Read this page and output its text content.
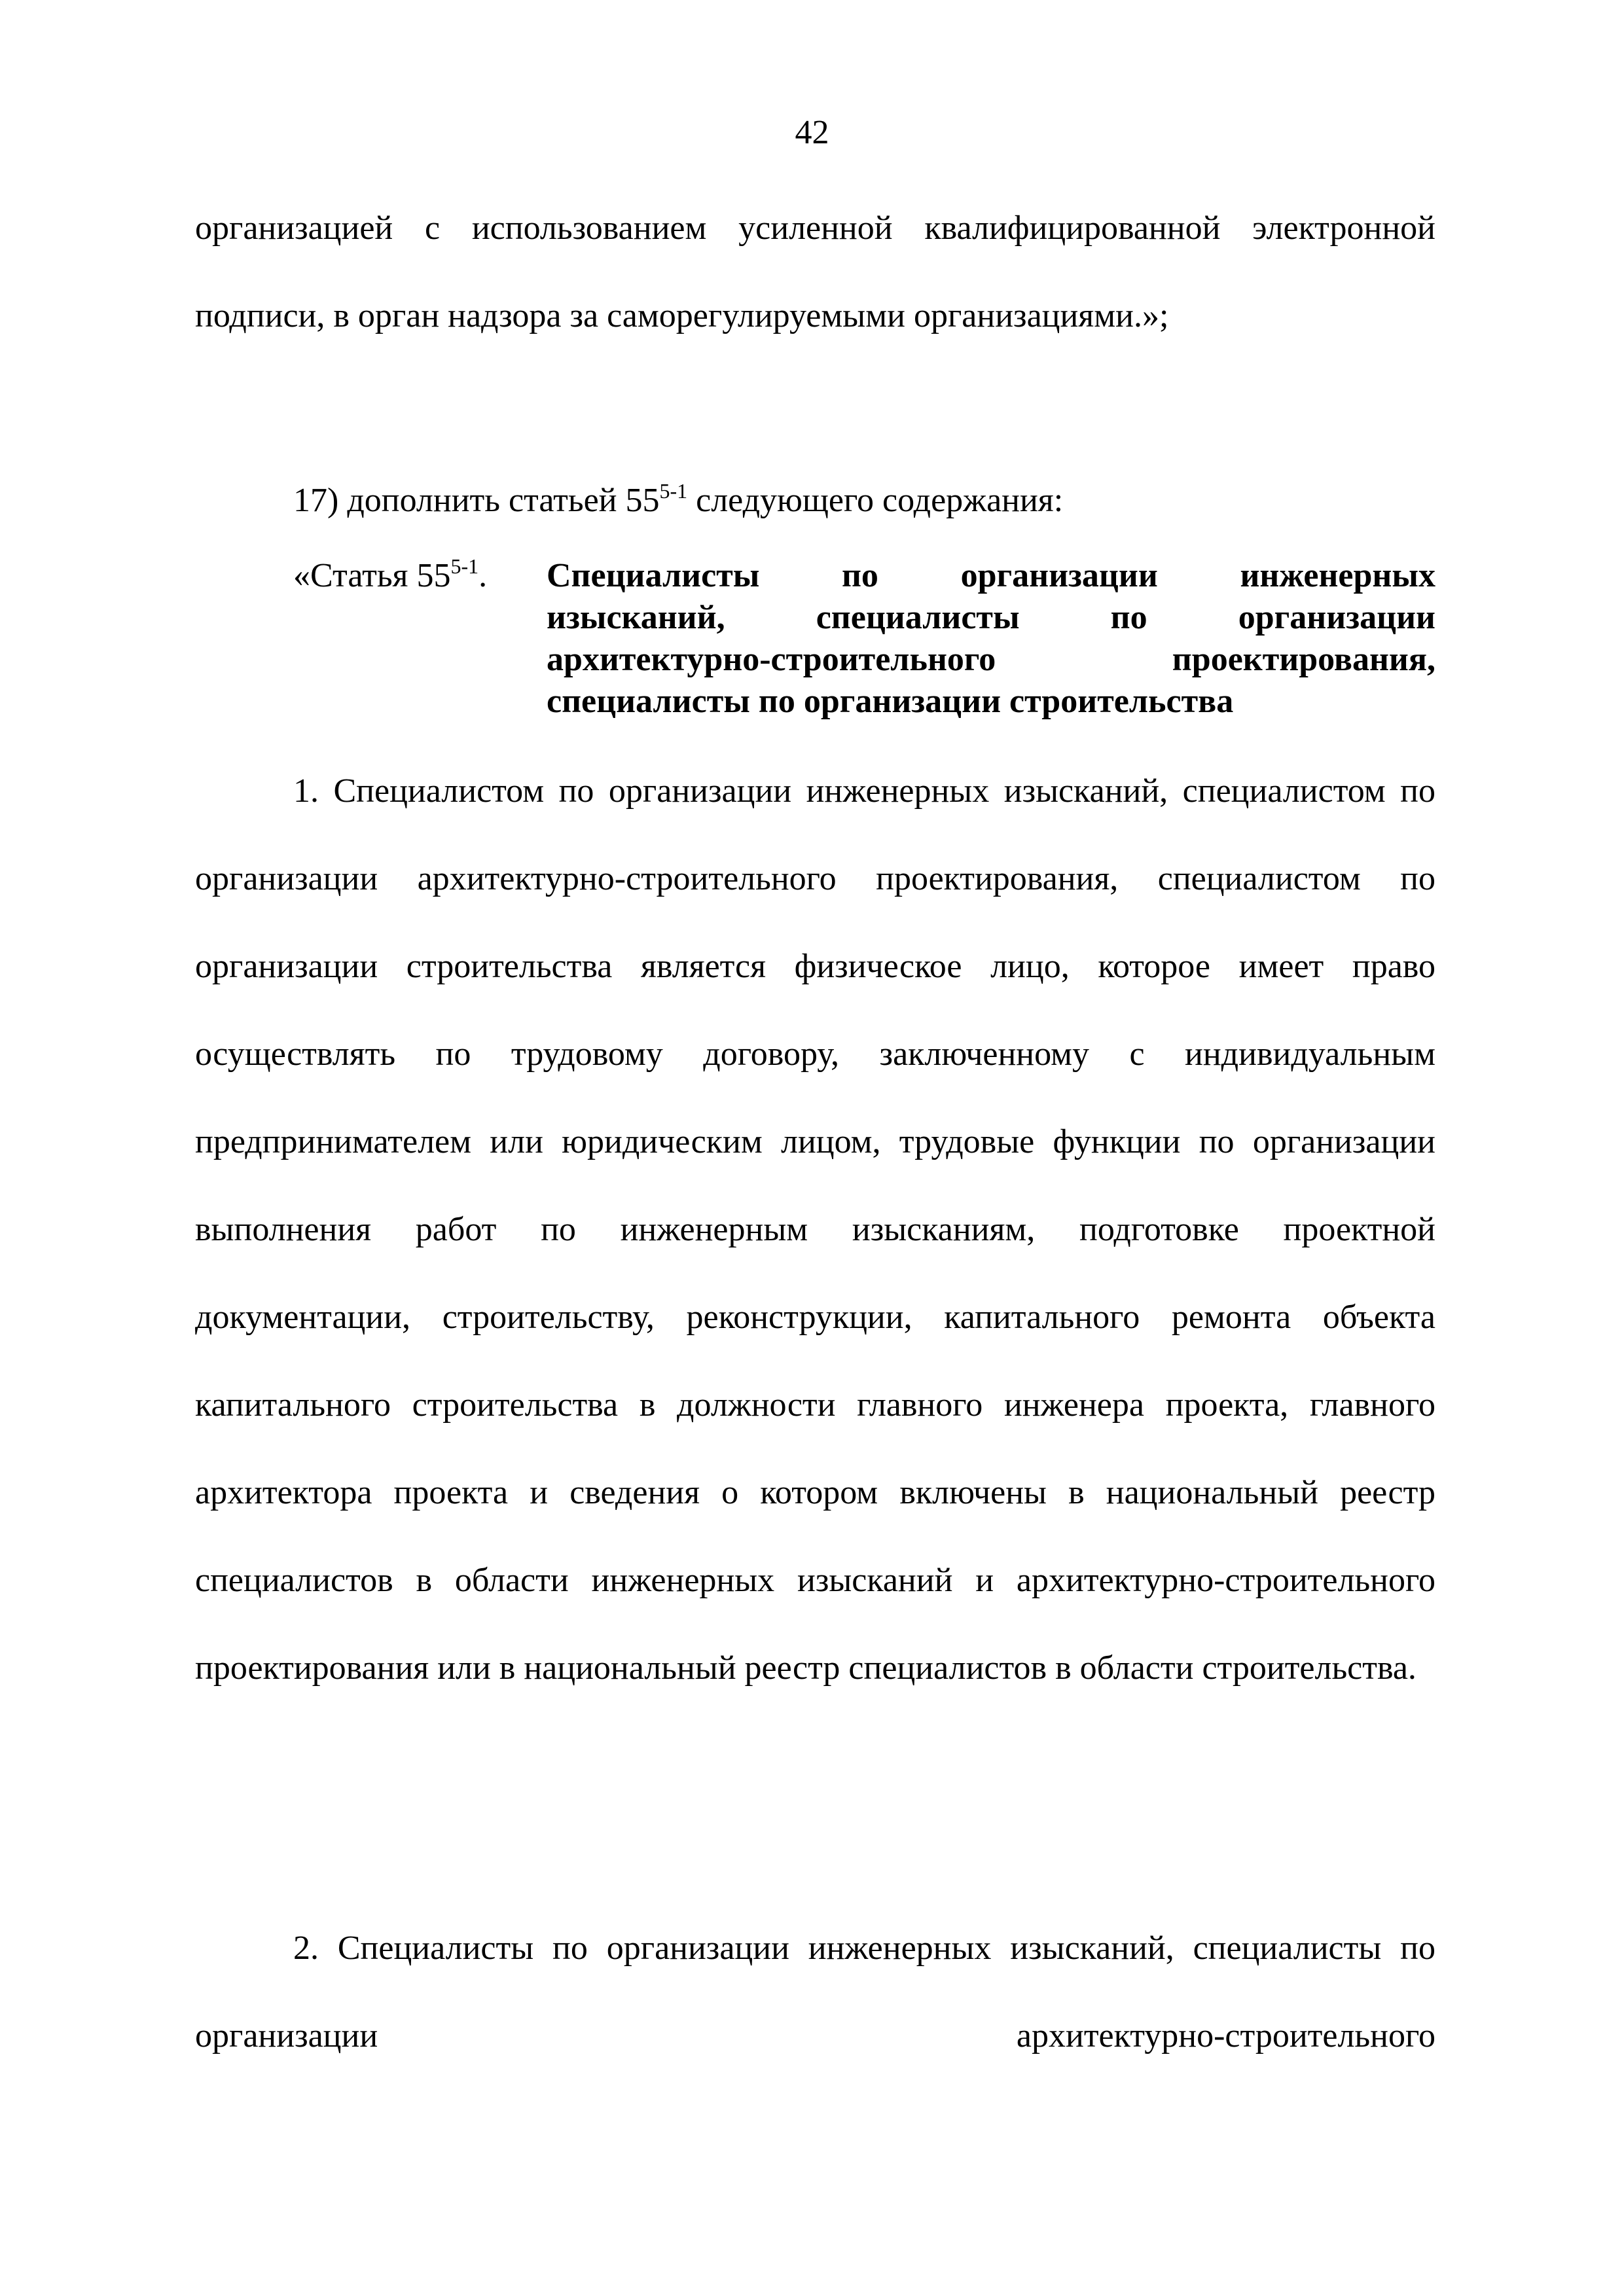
42

организацией с использованием усиленной квалифицированной электронной подписи, в орган надзора за саморегулируемыми организациями.»;

17) дополнить статьей 55$^{5-1}$ следующего содержания:

«Статья 55$^{5-1}$. Специалисты по организации инженерных
изысканий, специалисты по организации
архитектурно-строительного проектирования,
специалисты по организации строительства

1. Специалистом по организации инженерных изысканий, специалистом по организации архитектурно-строительного проектирования, специалистом по организации строительства является физическое лицо, которое имеет право осуществлять по трудовому договору, заключенному с индивидуальным предпринимателем или юридическим лицом, трудовые функции по организации выполнения работ по инженерным изысканиям, подготовке проектной документации, строительству, реконструкции, капитального ремонта объекта капитального строительства в должности главного инженера проекта, главного архитектора проекта и сведения о котором включены в национальный реестр специалистов в области инженерных изысканий и архитектурно-строительного проектирования или в национальный реестр специалистов в области строительства.

2. Специалисты по организации инженерных изысканий, специалисты по организации архитектурно-строительного
